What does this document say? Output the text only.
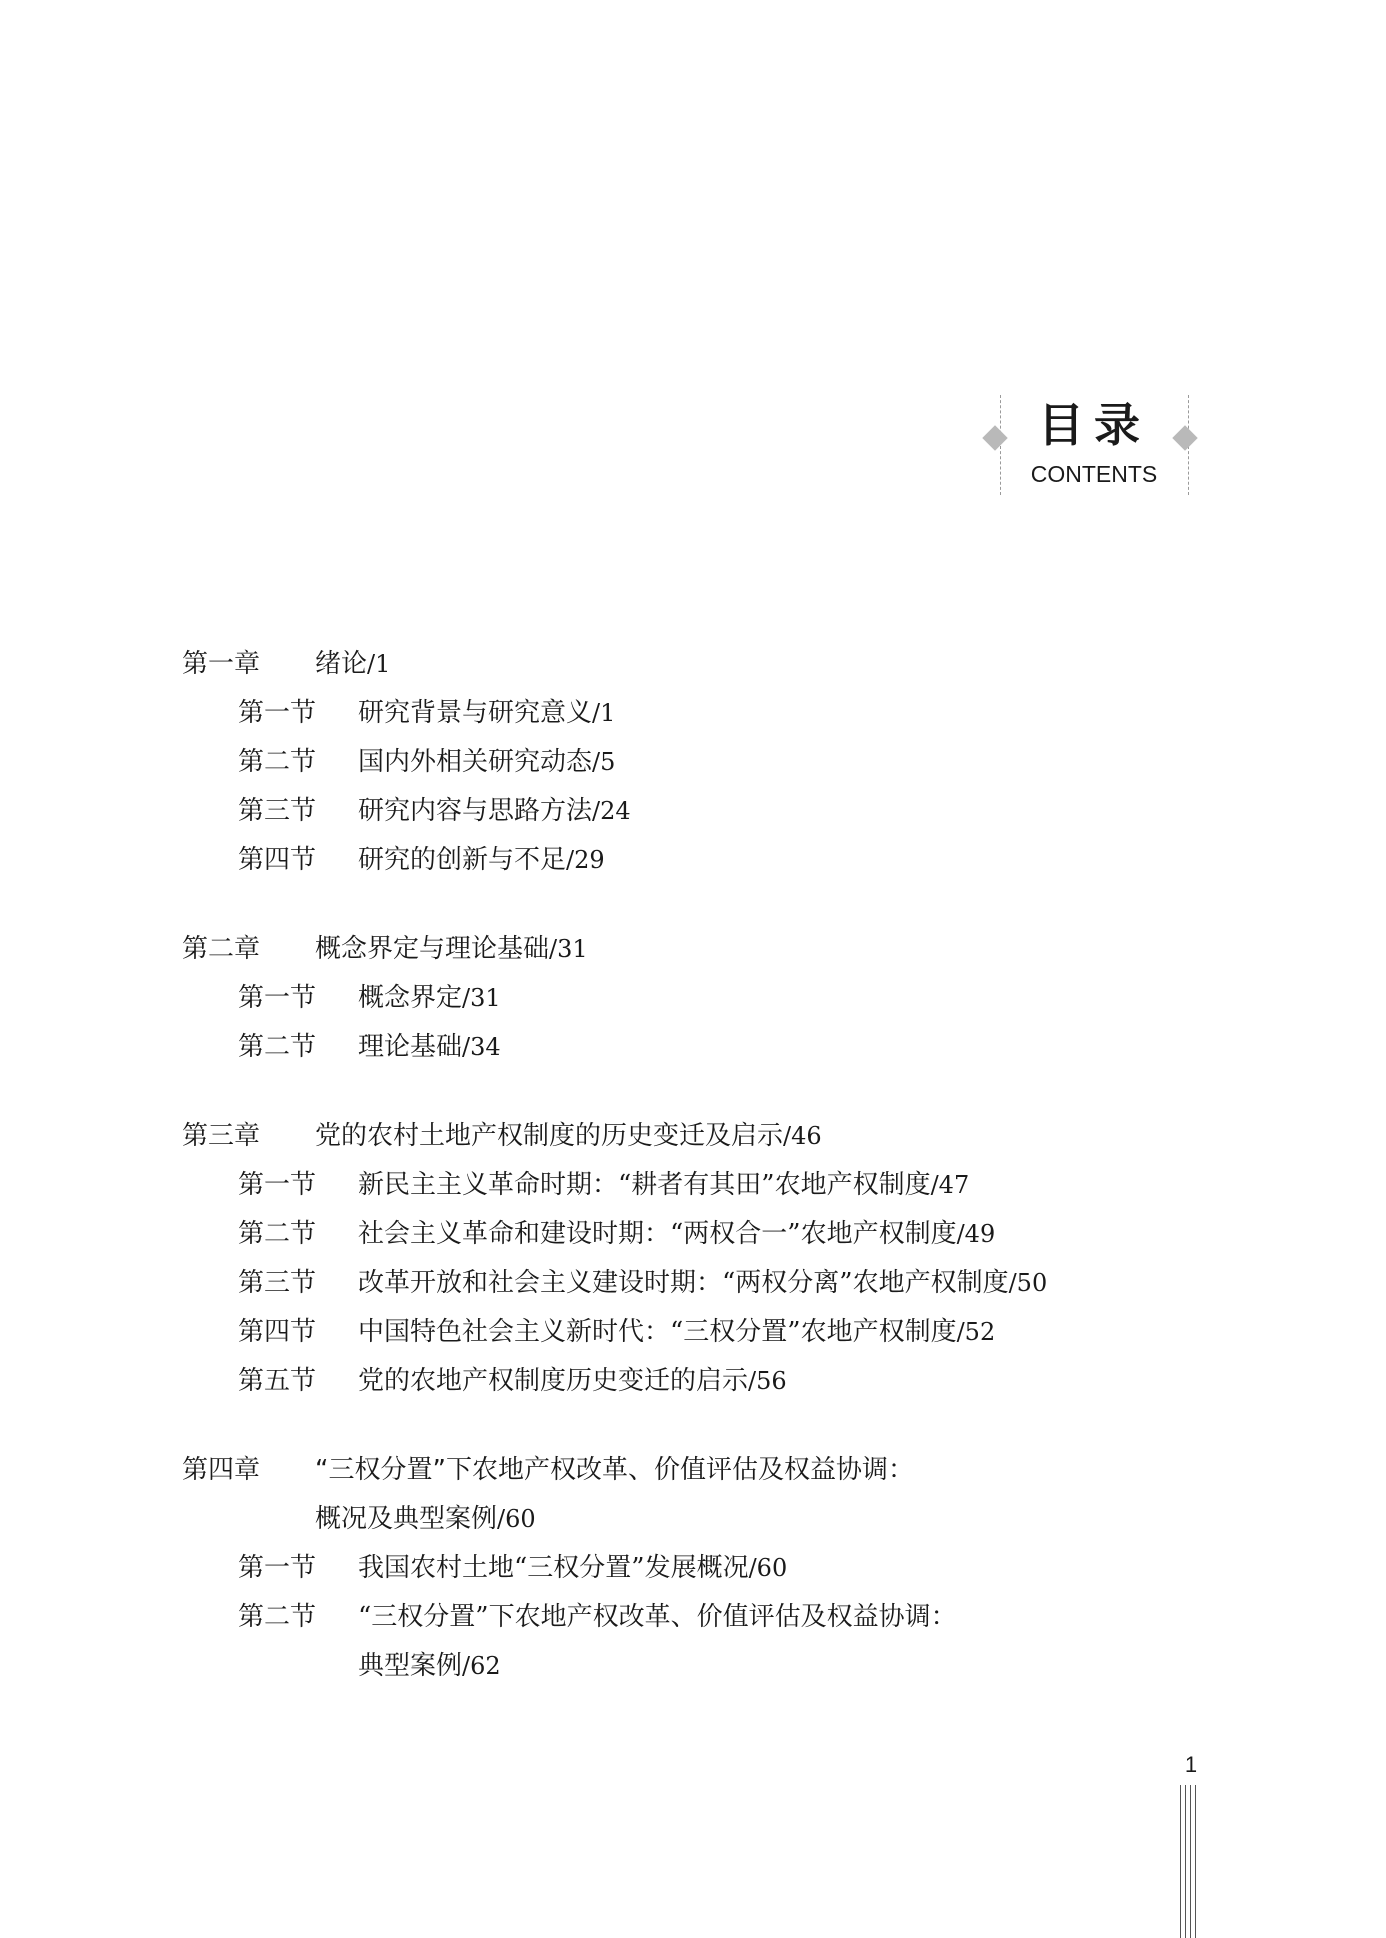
目录
CONTENTS
第一章	绪论 /1
第一节	研究背景与研究意义 /1
第二节	国内外相关研究动态 /5
第三节	研究内容与思路方法 /24
第四节	研究的创新与不足 /29
第二章	概念界定与理论基础 /31
第一节	概念界定 /31
第二节	理论基础 /34
第三章	党的农村土地产权制度的历史变迁及启示 /46
第一节	新民主主义革命时期：“耕者有其田”农地产权制度 /47
第二节	社会主义革命和建设时期：“两权合一”农地产权制度 /49
第三节	改革开放和社会主义建设时期：“两权分离”农地产权制度 /50
第四节	中国特色社会主义新时代：“三权分置”农地产权制度 /52
第五节	党的农地产权制度历史变迁的启示 /56
第四章	“三权分置”下农地产权改革、价值评估及权益协调：
概况及典型案例/60
第一节	我国农村土地“三权分置”发展概况 /60
第二节	“三权分置”下农地产权改革、价值评估及权益协调：
典型案例/62
1
